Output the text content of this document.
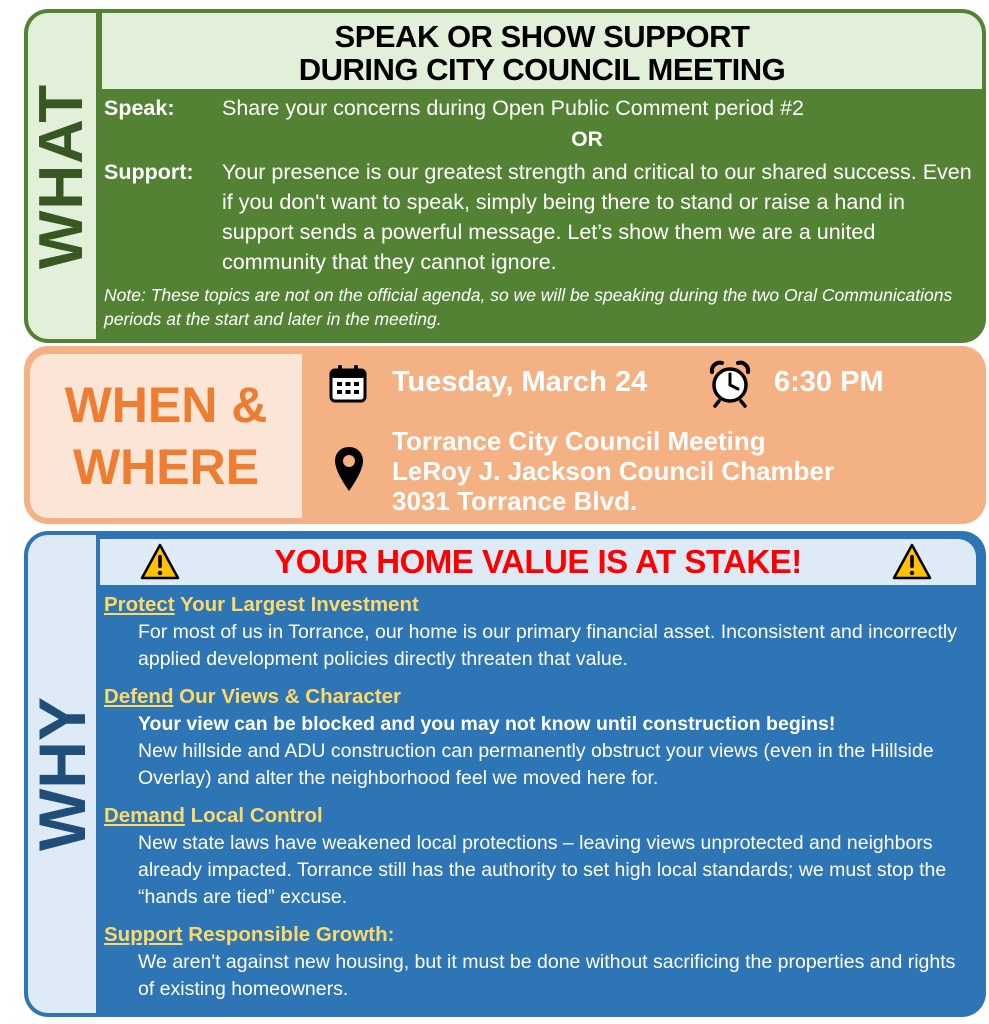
WHAT
SPEAK OR SHOW SUPPORT
DURING CITY COUNCIL MEETING
Speak:	Share your concerns during Open Public Comment period #2
OR
Support:	Your presence is our greatest strength and critical to our shared success. Even if you don't want to speak, simply being there to stand or raise a hand in support sends a powerful message. Let’s show them we are a united community that they cannot ignore.
Note: These topics are not on the official agenda, so we will be speaking during the two Oral Communications periods at the start and later in the meeting.
WHEN &
WHERE
Tuesday, March 24	6:30 PM
Torrance City Council Meeting
LeRoy J. Jackson Council Chamber
3031 Torrance Blvd.
WHY
YOUR HOME VALUE IS AT STAKE!
Protect Your Largest Investment
For most of us in Torrance, our home is our primary financial asset. Inconsistent and incorrectly applied development policies directly threaten that value.
Defend Our Views & Character
Your view can be blocked and you may not know until construction begins!
New hillside and ADU construction can permanently obstruct your views (even in the Hillside Overlay) and alter the neighborhood feel we moved here for.
Demand Local Control
New state laws have weakened local protections – leaving views unprotected and neighbors already impacted. Torrance still has the authority to set high local standards; we must stop the “hands are tied” excuse.
Support Responsible Growth:
We aren't against new housing, but it must be done without sacrificing the properties and rights of existing homeowners.
